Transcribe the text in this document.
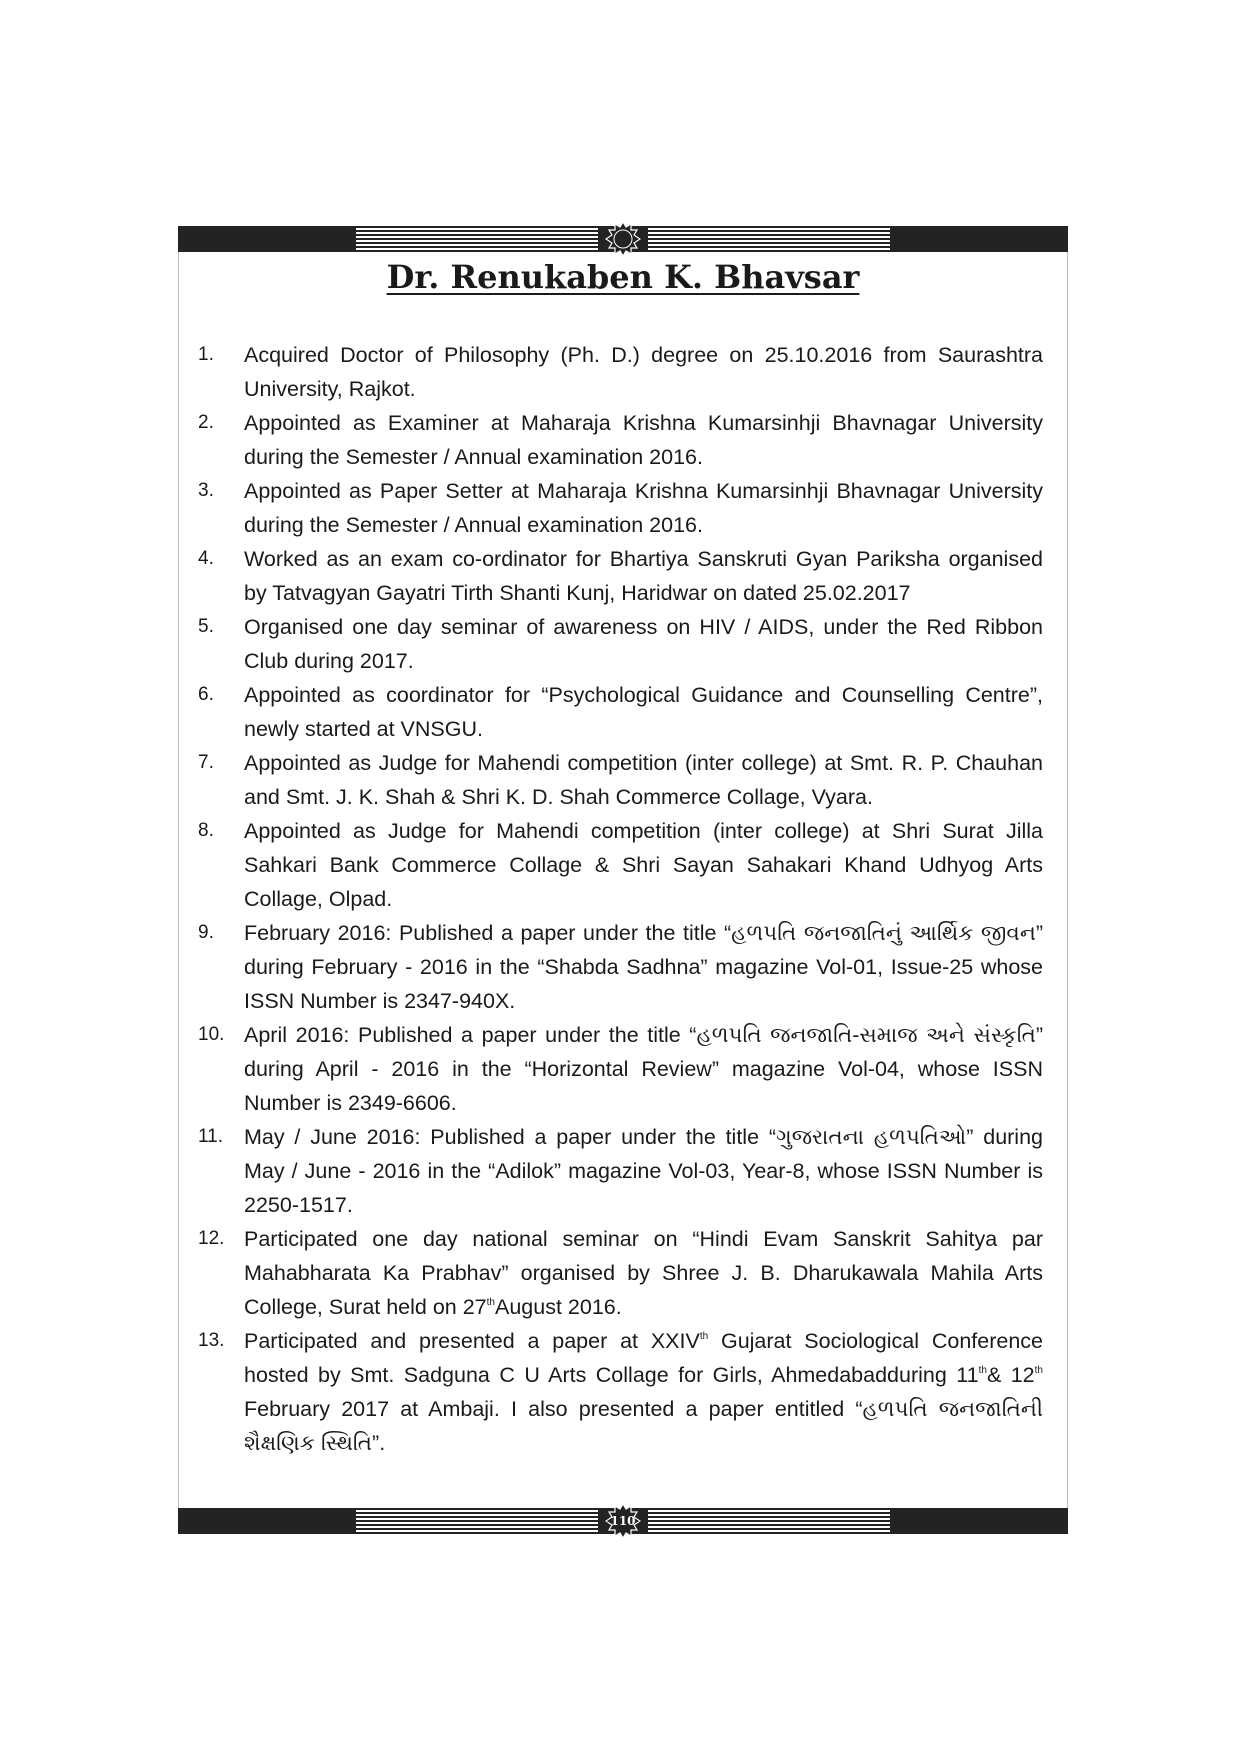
Dr. Renukaben K. Bhavsar
1.	Acquired Doctor of Philosophy (Ph. D.) degree on 25.10.2016 from Saurashtra University, Rajkot.
2.	Appointed as Examiner at Maharaja Krishna Kumarsinhji Bhavnagar University during the Semester / Annual examination 2016.
3.	Appointed as Paper Setter at Maharaja Krishna Kumarsinhji Bhavnagar University during the Semester / Annual examination 2016.
4.	Worked as an exam co-ordinator for Bhartiya Sanskruti Gyan Pariksha organised by Tatvagyan Gayatri Tirth Shanti Kunj, Haridwar on dated 25.02.2017
5.	Organised one day seminar of awareness on HIV / AIDS, under the Red Ribbon Club during 2017.
6.	Appointed as coordinator for “Psychological Guidance and Counselling Centre”, newly started at VNSGU.
7.	Appointed as Judge for Mahendi competition (inter college) at Smt. R. P. Chauhan and Smt. J. K. Shah & Shri K. D. Shah Commerce Collage, Vyara.
8.	Appointed as Judge for Mahendi competition (inter college) at Shri Surat Jilla Sahkari Bank Commerce Collage & Shri Sayan Sahakari Khand Udhyog Arts Collage, Olpad.
9.	February 2016: Published a paper under the title “હળપતિ જનજાતિનું આર્થિક જીવન” during February - 2016 in the “Shabda Sadhna” magazine Vol-01, Issue-25 whose ISSN Number is 2347-940X.
10. April 2016: Published a paper under the title “હળપતિ જનજાતિ-સમાજ અને સંસ્કૃતિ” during April - 2016 in the “Horizontal Review” magazine Vol-04, whose ISSN Number is 2349-6606.
11. May / June 2016: Published a paper under the title “ગુજરાતના હળપતિઓ” during May / June - 2016 in the “Adilok” magazine Vol-03, Year-8, whose ISSN Number is 2250-1517.
12. Participated one day national seminar on “Hindi Evam Sanskrit Sahitya par Mahabharata Ka Prabhav” organised by Shree J. B. Dharukawala Mahila Arts College, Surat held on 27thAugust 2016.
13. Participated and presented a paper at XXIVth Gujarat Sociological Conference hosted by Smt. Sadguna C U Arts Collage for Girls, Ahmedabadduring 11th& 12th February 2017 at Ambaji. I also presented a paper entitled “હળપતિ જનજાતિની શૈક્ષણિક સ્થિતિ”.
110
